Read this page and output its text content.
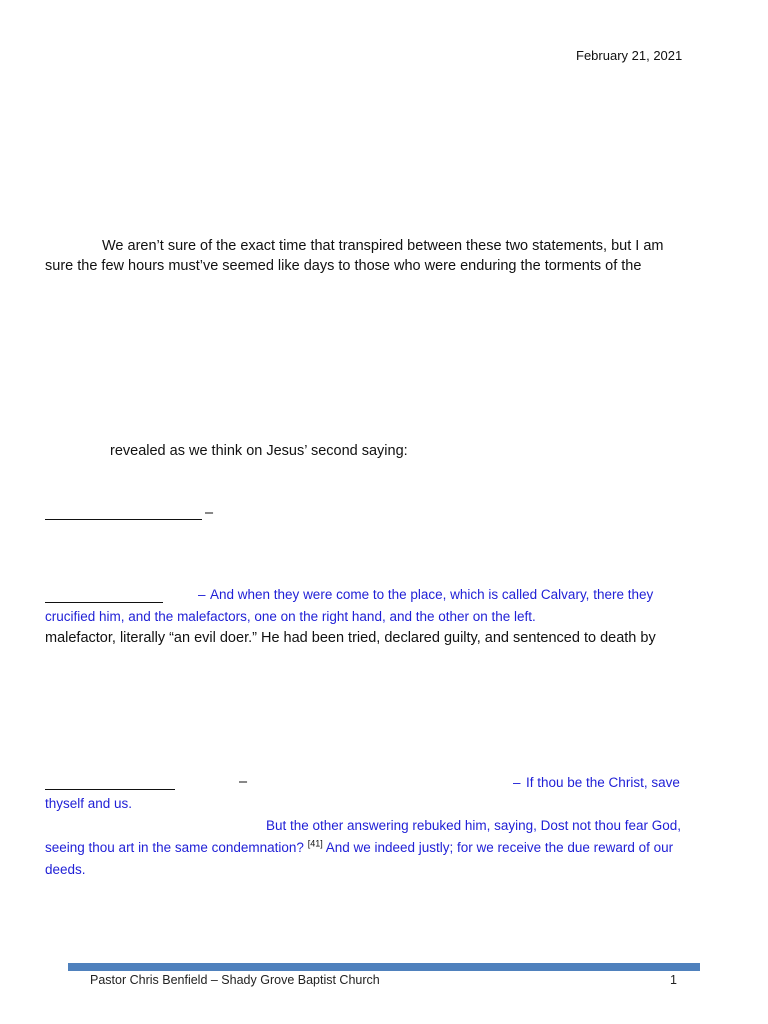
February 21, 2021
We aren’t sure of the exact time that transpired between these two statements, but I am
sure the few hours must’ve seemed like days to those who were enduring the torments of the
revealed as we think on Jesus’ second saying:
–
– And when they were come to the place, which is called Calvary, there they
crucified him, and the malefactors, one on the right hand, and the other on the left.
malefactor, literally “an evil doer.” He had been tried, declared guilty, and sentenced to death by
–	– If thou be the Christ, save
thyself and us.
But the other answering rebuked him, saying, Dost not thou fear God,
seeing thou art in the same condemnation? [41] And we indeed justly; for we receive the due reward of our
deeds.
Pastor Chris Benfield – Shady Grove Baptist Church	1
